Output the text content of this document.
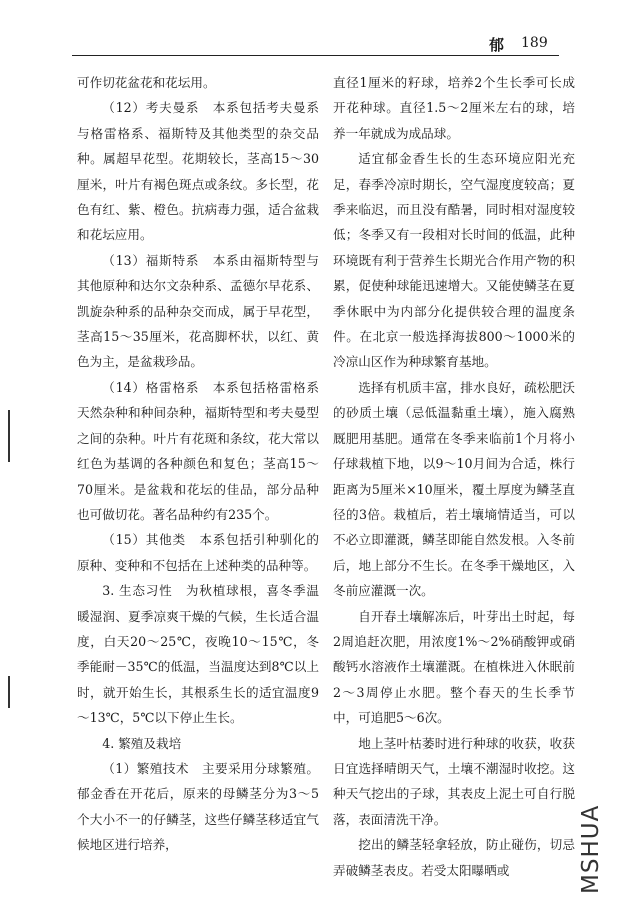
郁 189

可作切花盆花和花坛用。

（12）考夫曼系　本系包括考夫曼系与格雷格系、福斯特及其他类型的杂交品种。属超早花型。花期较长，茎高15～30厘米，叶片有褐色斑点或条纹。多长型，花色有红、紫、橙色。抗病毒力强，适合盆栽和花坛应用。

（13）福斯特系　本系由福斯特型与其他原种和达尔文杂种系、孟德尔早花系、凯旋杂种系的品种杂交而成，属于早花型，茎高15～35厘米，花高脚杯状，以红、黄色为主，是盆栽珍品。

（14）格雷格系　本系包括格雷格系天然杂种和种间杂种，福斯特型和考夫曼型之间的杂种。叶片有花斑和条纹，花大常以红色为基调的各种颜色和复色；茎高15～70厘米。是盆栽和花坛的佳品，部分品种也可做切花。著名品种约有235个。

（15）其他类　本系包括引种驯化的原种、变种和不包括在上述种类的品种等。

3. 生态习性　为秋植球根，喜冬季温暖湿润、夏季凉爽干燥的气候，生长适合温度，白天20～25℃，夜晚10～15℃，冬季能耐－35℃的低温，当温度达到8℃以上时，就开始生长，其根系生长的适宜温度9～13℃，5℃以下停止生长。

4. 繁殖及栽培

（1）繁殖技术　主要采用分球繁殖。郁金香在开花后，原来的母鳞茎分为3～5个大小不一的仔鳞茎，这些仔鳞茎移适宜气候地区进行培养，

直径1厘米的籽球，培养2个生长季可长成开花种球。直径1.5～2厘米左右的球，培养一年就成为成品球。

适宜郁金香生长的生态环境应阳光充足，春季冷凉时期长，空气湿度度较高；夏季来临迟，而且没有酷暑，同时相对湿度较低；冬季又有一段相对长时间的低温，此种环境既有利于营养生长期光合作用产物的积累，促使种球能迅速增大。又能使鳞茎在夏季休眠中为内部分化提供较合理的温度条件。在北京一般选择海拔800～1000米的冷凉山区作为种球繁育基地。

选择有机质丰富，排水良好，疏松肥沃的砂质土壤（忌低温黏重土壤），施入腐熟厩肥用基肥。通常在冬季来临前1个月将小仔球栽植下地，以9～10月间为合适，株行距离为5厘米×10厘米，覆土厚度为鳞茎直径的3倍。栽植后，若土壤墒情适当，可以不必立即灌溉，鳞茎即能自然发根。入冬前后，地上部分不生长。在冬季干燥地区，入冬前应灌溉一次。

自开春土壤解冻后，叶芽出土时起，每2周追赶次肥，用浓度1%～2%硝酸钾或硝酸钙水溶液作土壤灌溉。在植株进入休眠前2～3周停止水肥。整个春天的生长季节中，可追肥5～6次。

地上茎叶枯萎时进行种球的收获，收获日宜选择晴朗天气，土壤不潮湿时收挖。这种天气挖出的子球，其表皮上泥土可自行脱落，表面清洗干净。

挖出的鳞茎轻拿轻放，防止碰伤，切忌弄破鳞茎表皮。若受太阳曝晒或	MSHUA
